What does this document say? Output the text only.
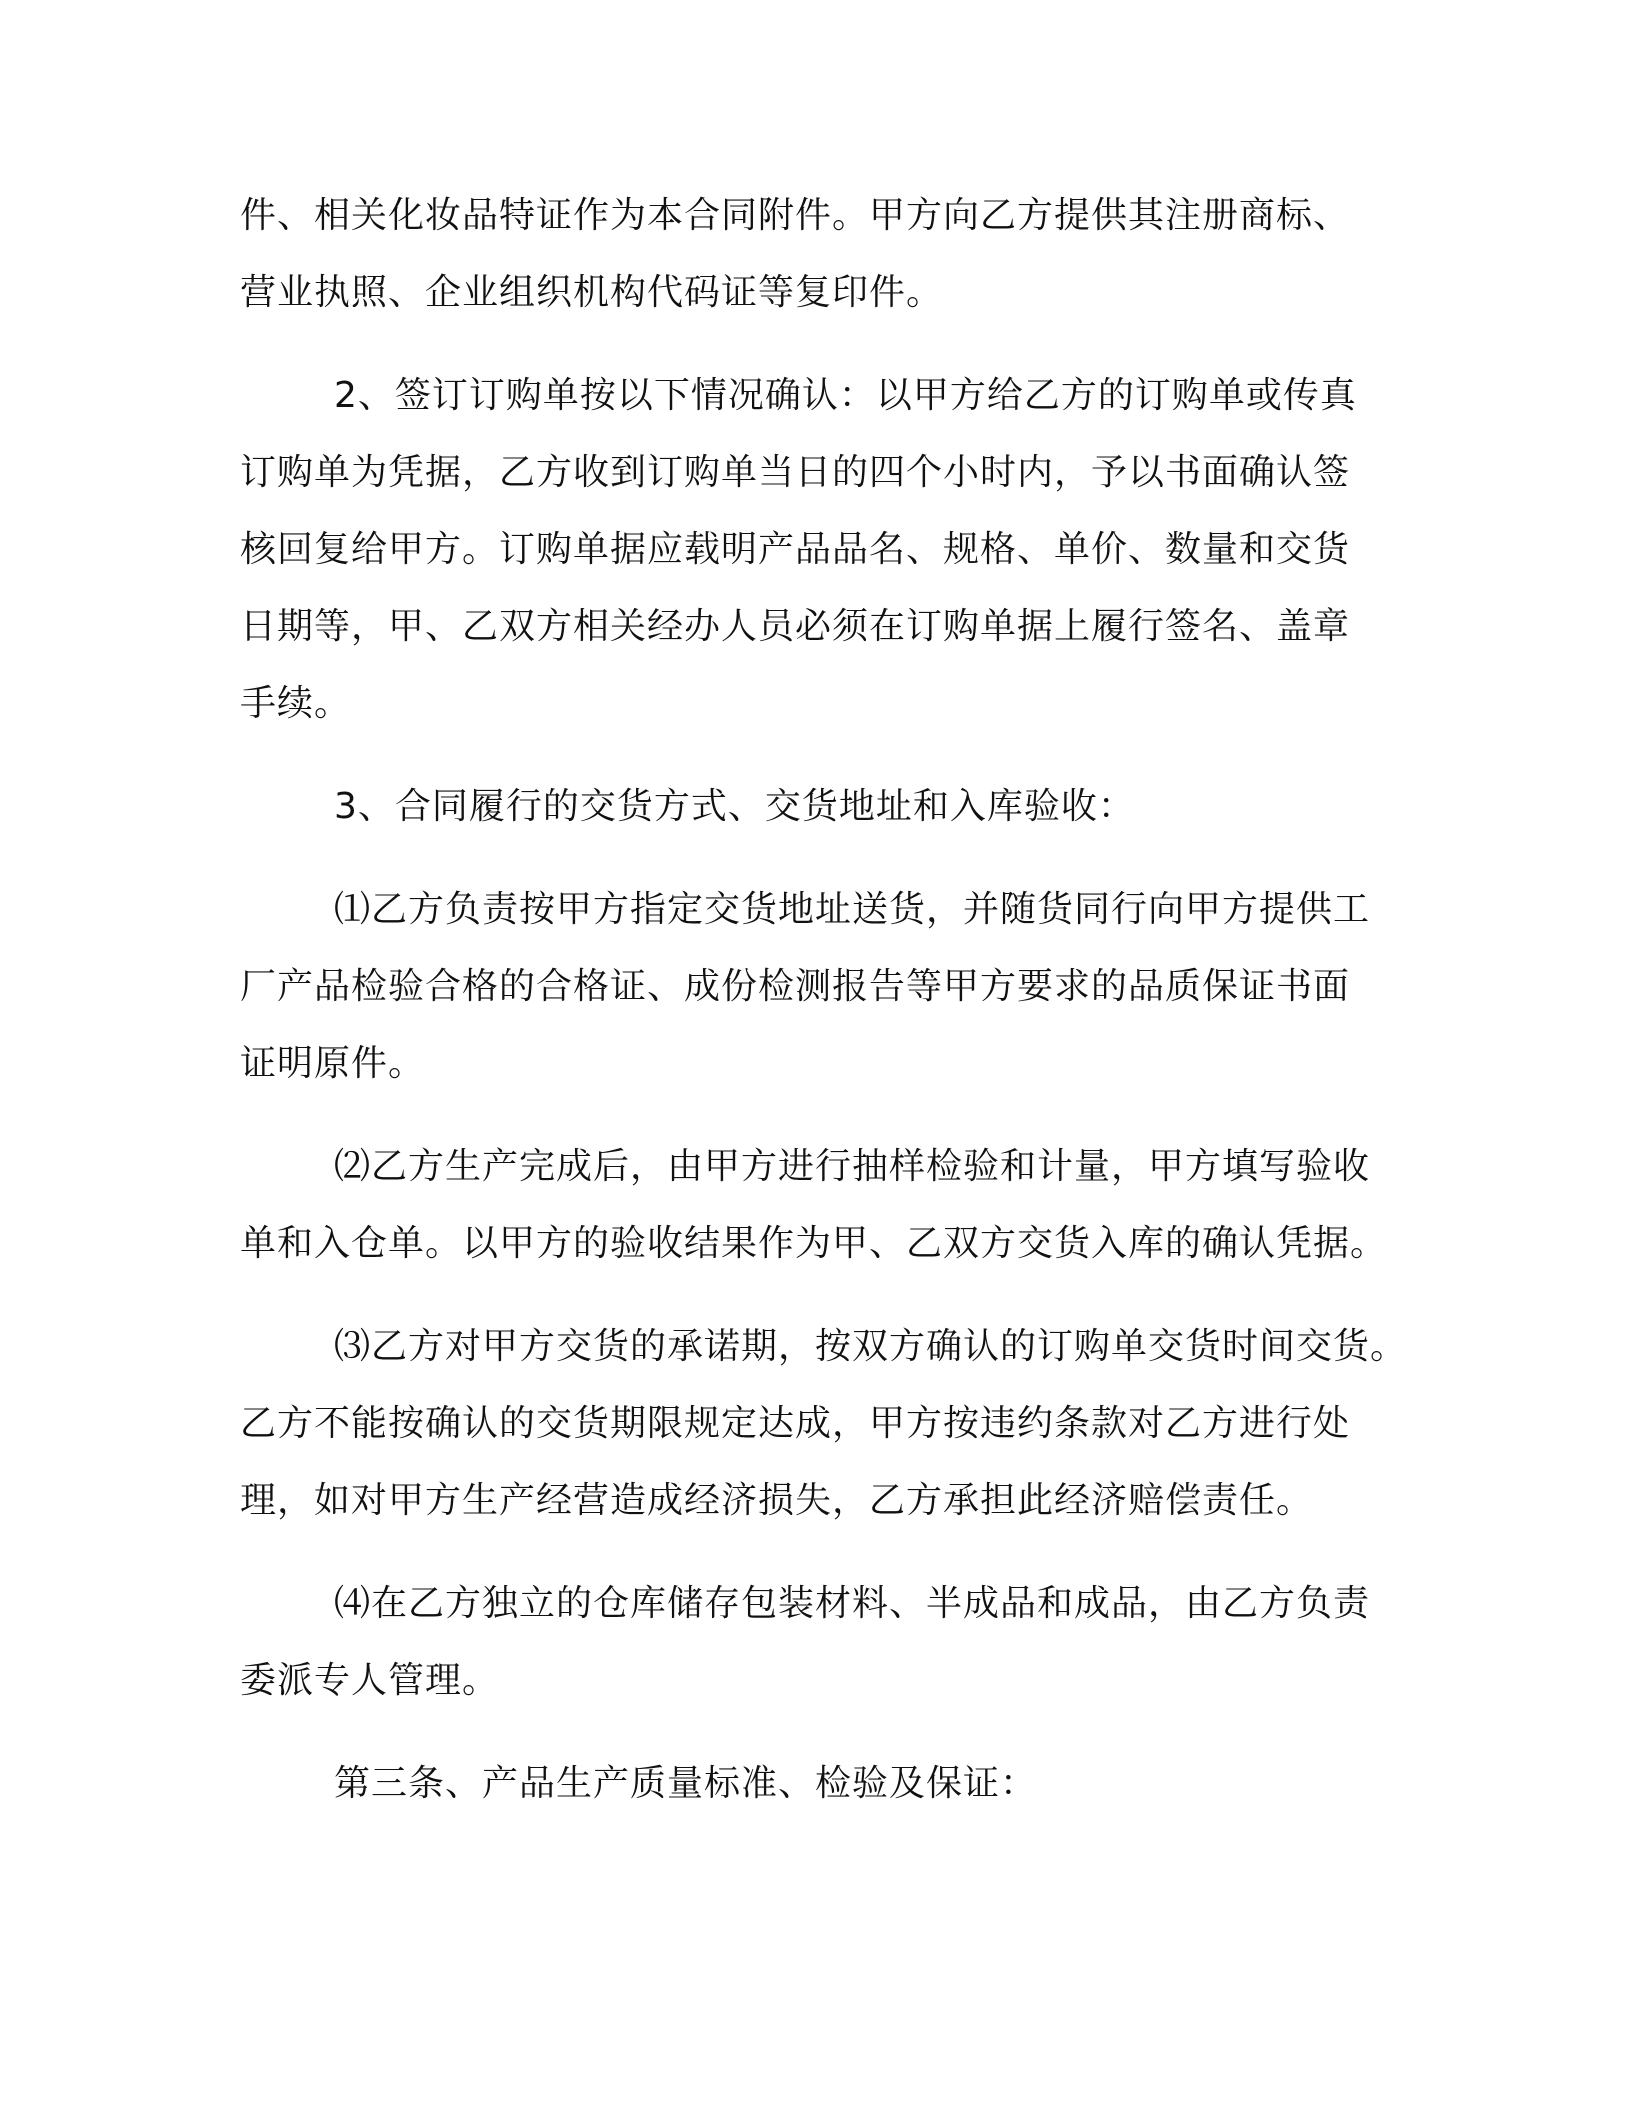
件、相关化妆品特证作为本合同附件。甲方向乙方提供其注册商标、
营业执照、企业组织机构代码证等复印件。
2、签订订购单按以下情况确认：以甲方给乙方的订购单或传真
订购单为凭据，乙方收到订购单当日的四个小时内，予以书面确认签
核回复给甲方。订购单据应载明产品品名、规格、单价、数量和交货
日期等，甲、乙双方相关经办人员必须在订购单据上履行签名、盖章
手续。
3、合同履行的交货方式、交货地址和入库验收：
⑴乙方负责按甲方指定交货地址送货，并随货同行向甲方提供工
厂产品检验合格的合格证、成份检测报告等甲方要求的品质保证书面
证明原件。
⑵乙方生产完成后，由甲方进行抽样检验和计量，甲方填写验收
单和入仓单。以甲方的验收结果作为甲、乙双方交货入库的确认凭据。
⑶乙方对甲方交货的承诺期，按双方确认的订购单交货时间交货。
乙方不能按确认的交货期限规定达成，甲方按违约条款对乙方进行处
理，如对甲方生产经营造成经济损失，乙方承担此经济赔偿责任。
⑷在乙方独立的仓库储存包装材料、半成品和成品，由乙方负责
委派专人管理。
第三条、产品生产质量标准、检验及保证：
